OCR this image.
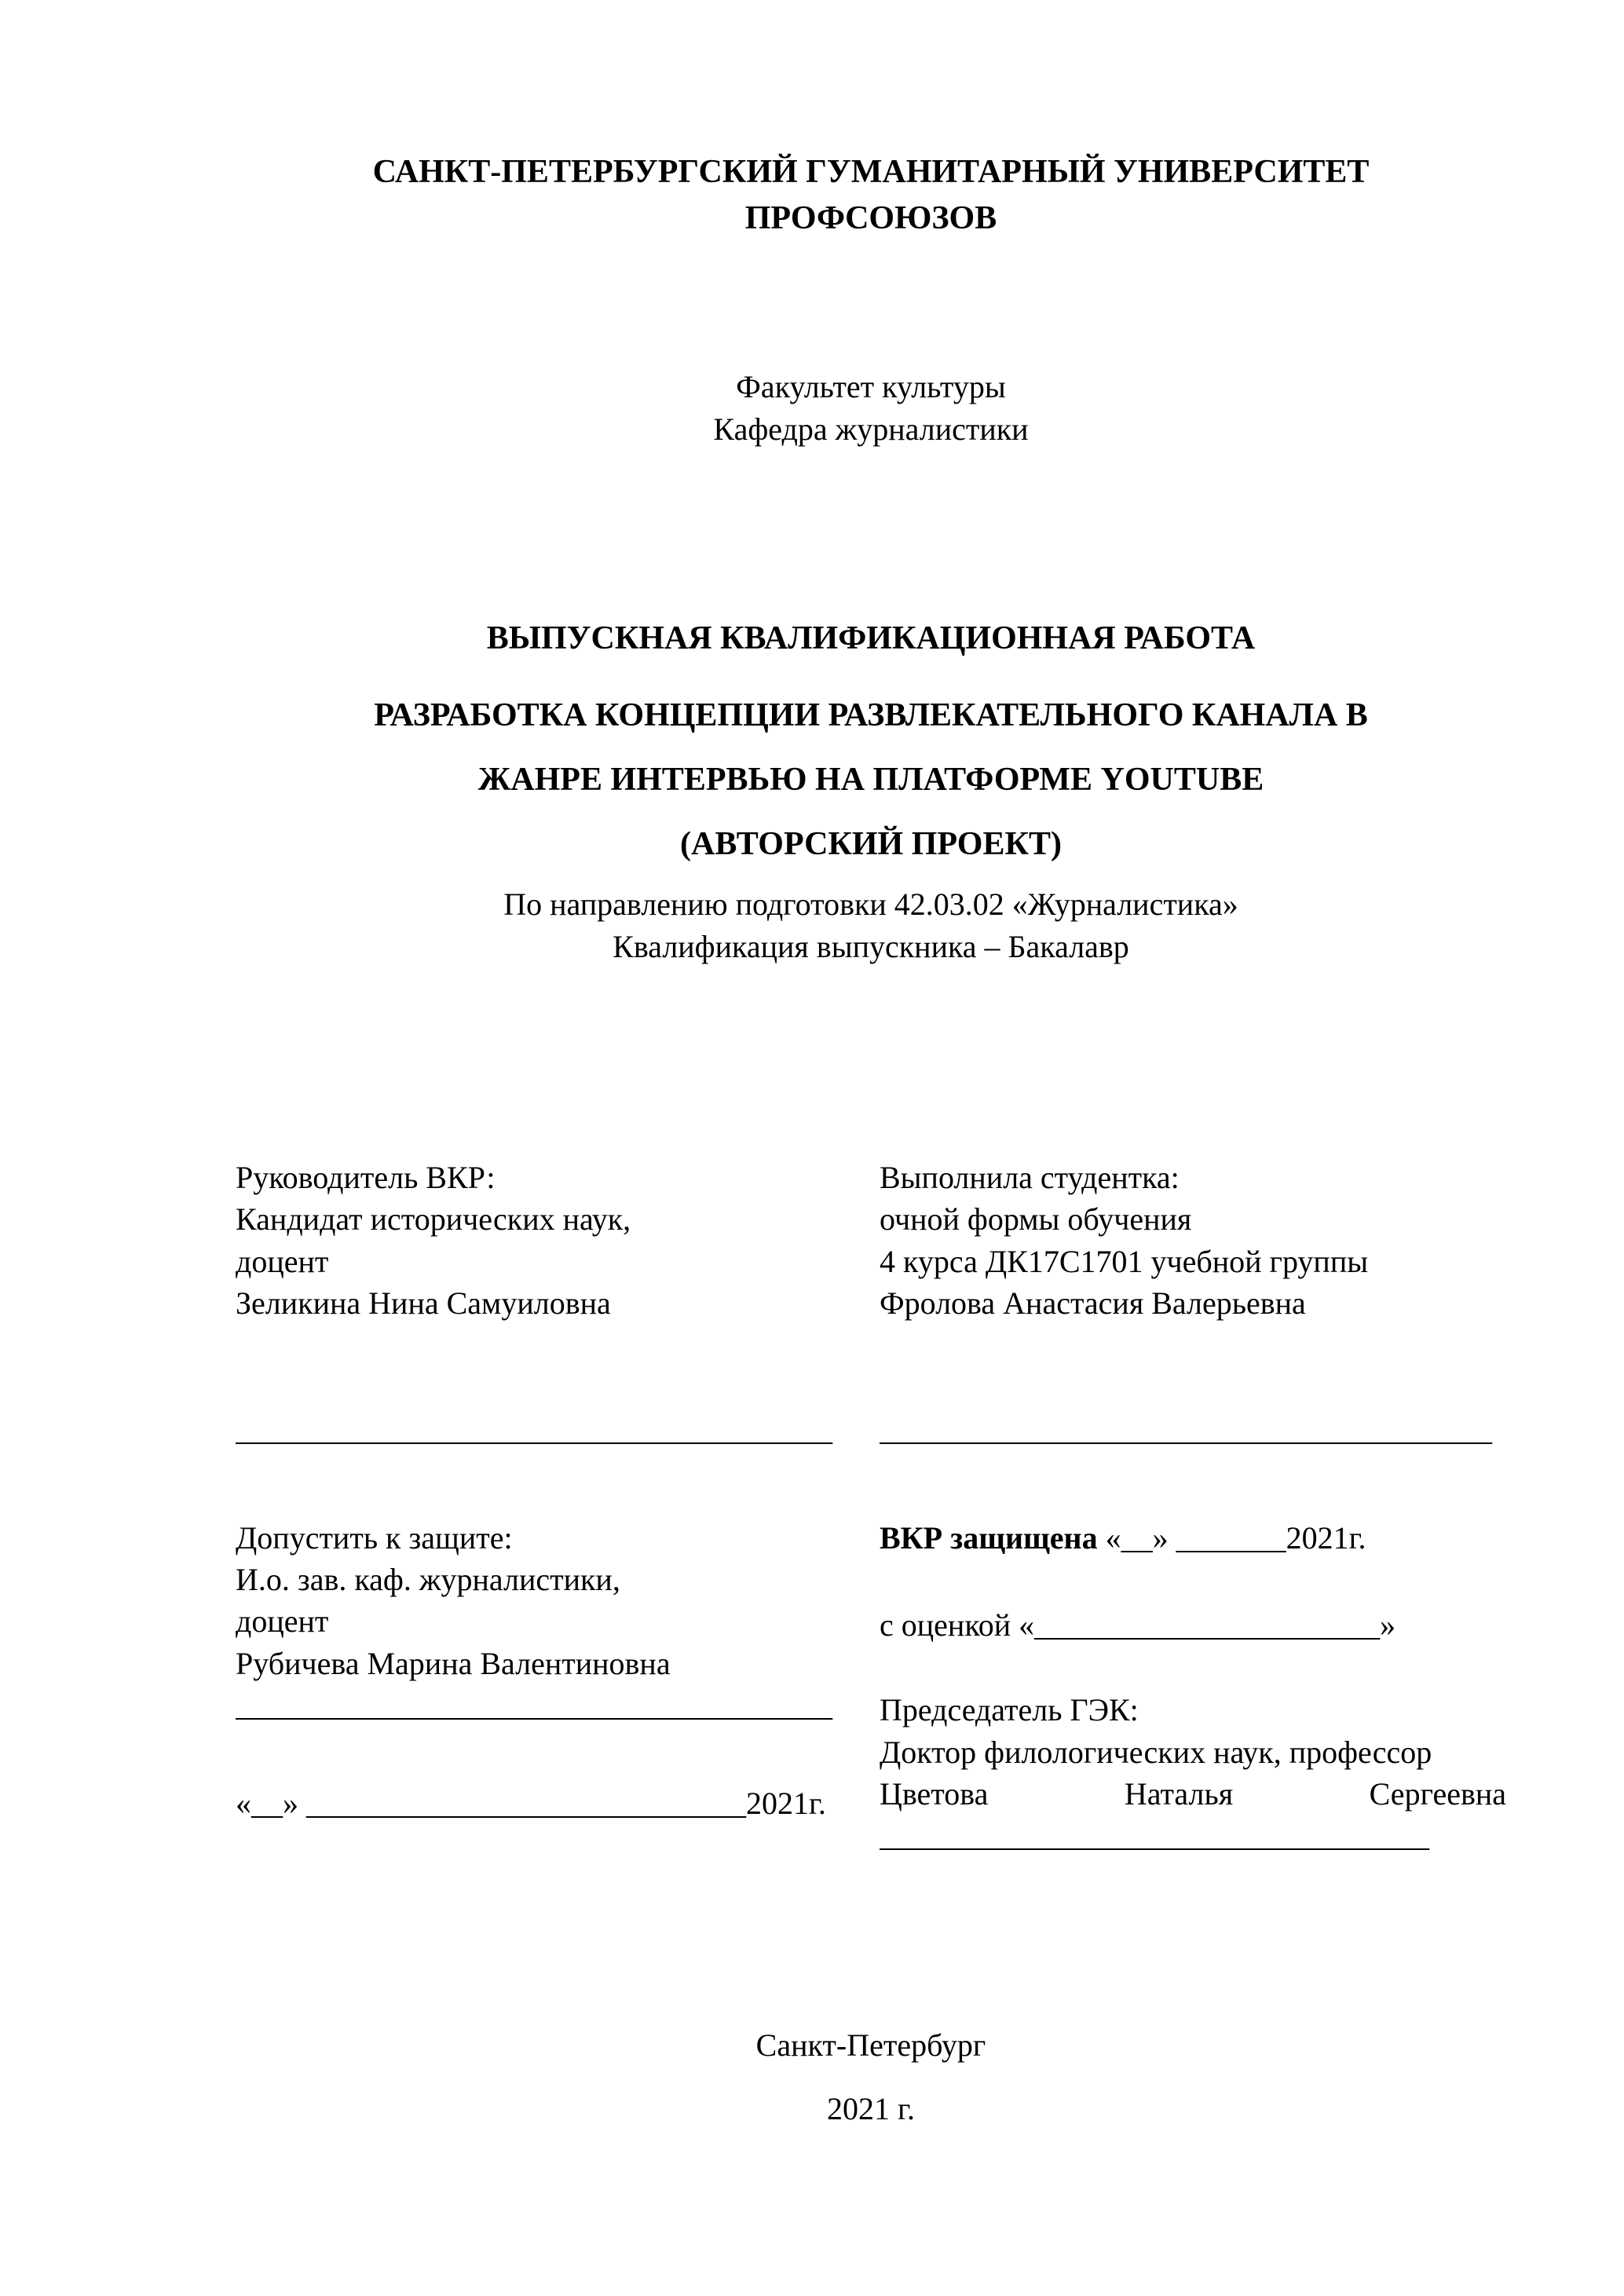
САНКТ-ПЕТЕРБУРГСКИЙ ГУМАНИТАРНЫЙ УНИВЕРСИТЕТ
ПРОФСОЮЗОВ
Факультет культуры
Кафедра журналистики
ВЫПУСКНАЯ КВАЛИФИКАЦИОННАЯ РАБОТА
РАЗРАБОТКА КОНЦЕПЦИИ РАЗВЛЕКАТЕЛЬНОГО КАНАЛА В
ЖАНРЕ ИНТЕРВЬЮ НА ПЛАТФОРМЕ YOUTUBE
(АВТОРСКИЙ ПРОЕКТ)
По направлению подготовки 42.03.02 «Журналистика»
Квалификация выпускника – Бакалавр
Руководитель ВКР:
Кандидат исторических наук,
доцент
Зеликина Нина Самуиловна
______________________________________
Выполнила студентка:
очной формы обучения
4 курса ДК17С1701 учебной группы
Фролова Анастасия Валерьевна
_______________________________________
Допустить к защите:
И.о. зав. каф. журналистики,
доцент
Рубичева Марина Валентиновна
______________________________________
«__» ____________________________2021г.
ВКР защищена «__» _______2021г.
с оценкой «______________________»
Председатель ГЭК:
Доктор филологических наук, профессор
Цветова Наталья Сергеевна
___________________________________
Санкт-Петербург
2021 г.
